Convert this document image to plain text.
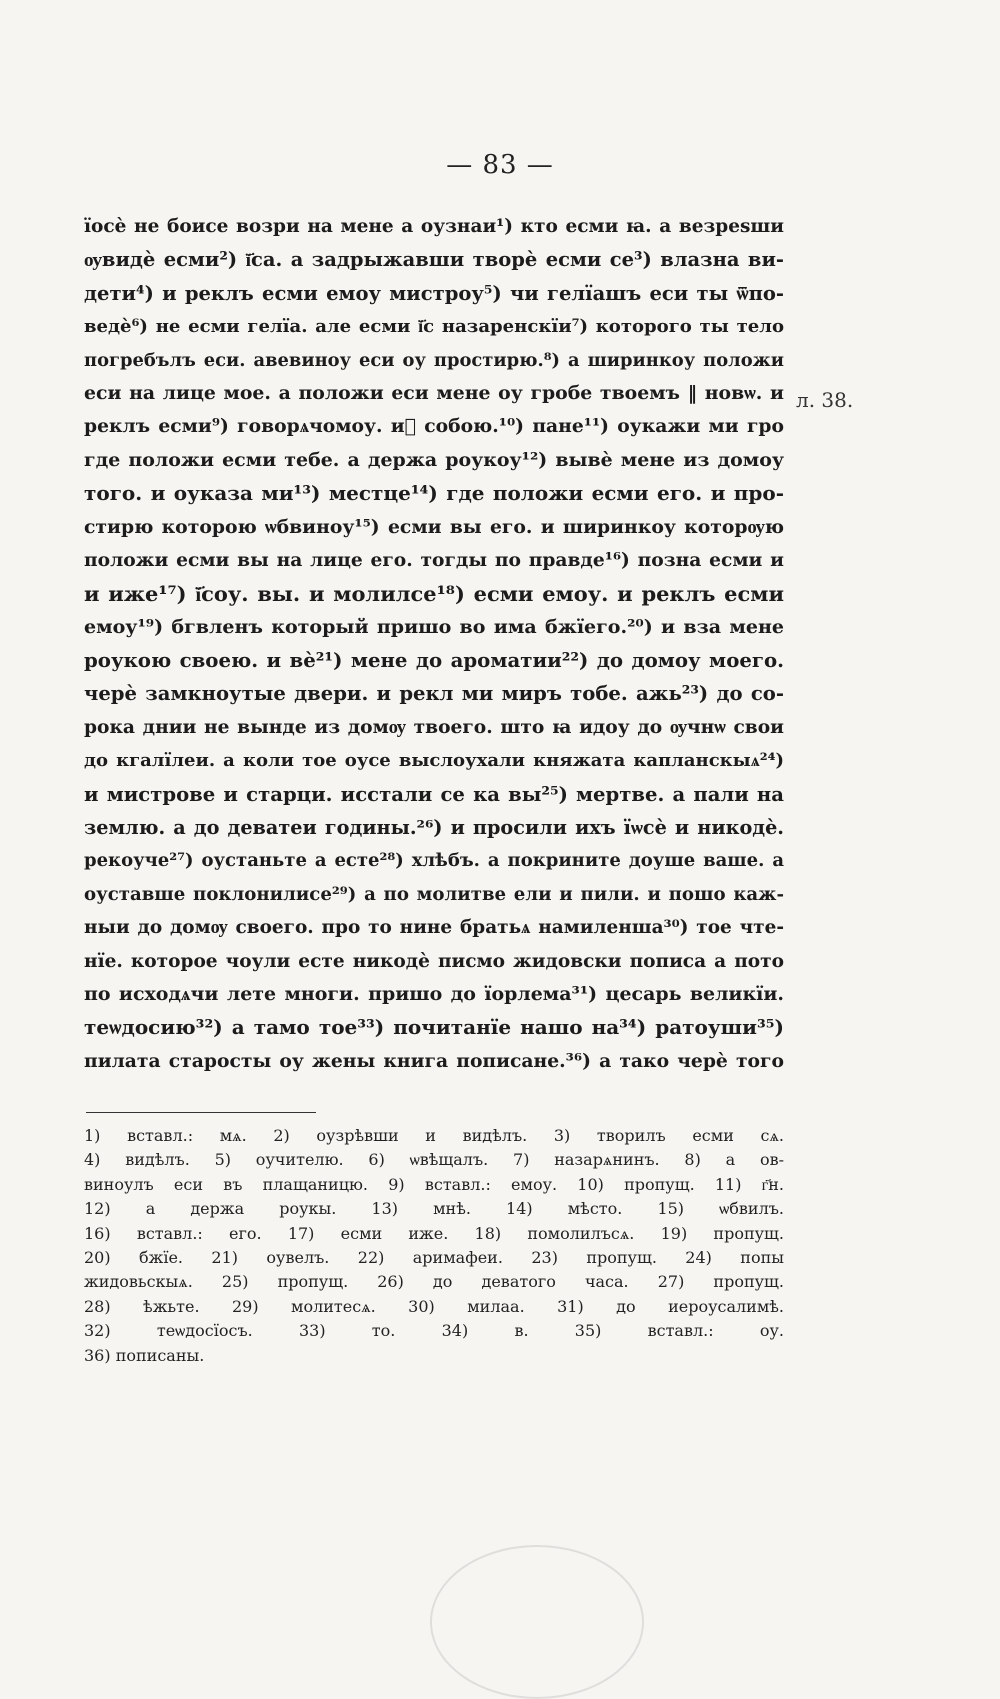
— 83 —
їосѐ не боисе возри на мене а оузнаи¹) кто есми ꙗ. а везреѕши
ѹвидѐ есми²) ї҃са. а задрыжавши творѐ есми се³) влазна ви-
дети⁴) и реклъ есми емоу мистроу⁵) чи гелїашъ еси ты ѿпо-
ведѐ⁶) не есми гелїа. але есми ї҃с назаренскїи⁷) которого ты тело
погребълъ еси. авевиноу еси оу простирю.⁸) а ширинкоу положи
еси на лице мое. а положи еси мене оу гробе твоемъ ‖ новѡ. и
реклъ есми⁹) говорѧчомоу. иⷭ собою.¹⁰) пане¹¹) оукажи ми гро
где положи есми тебе. а держа роукоу¹²) вывѐ мене из домоу
того. и оуказа ми¹³) местце¹⁴) где положи есми его. и про-
стирю которою ѡбвиноу¹⁵) есми вы его. и ширинкоу которѹю
положи есми вы на лице его. тогды по правде¹⁶) позна есми и
и иже¹⁷) ї҃соу. вы. и молилсе¹⁸) есми емоу. и реклъ есми
емоу¹⁹) бгвленъ который пришо во има бжїего.²⁰) и вза мене
роукою своею. и вѐ²¹) мене до ароматии²²) до домоу моего.
черѐ замкноутые двери. и рекл ми миръ тобе. ажь²³) до со-
рока днии не вынде из домѹ твоего. што ꙗ идоу до ѹчнѡ свои
до кгалїлеи. а коли тое оусе выслоухали княжата капланскыѧ²⁴)
и мистрове и старци. исстали се ка вы²⁵) мертве. а пали на
землю. а до деватеи годины.²⁶) и просили ихъ їѡсѐ и никодѐ.
рекоуче²⁷) оустаньте а есте²⁸) хлѣбъ. а покрините доуше ваше. а
оуставше поклонилисе²⁹) а по молитве ели и пили. и пошо каж-
ныи до домѹ своего. про то нине братьѧ намиленша³⁰) тое чте-
нїе. которое чоули есте никодѐ писмо жидовски пописа а пото
по исходѧчи лете многи. пришо до їорлема³¹) цесарь великїи.
теѡдосию³²) а тамо тое³³) почитанїе нашо на³⁴) ратоуши³⁵)
пилата старосты оу жены книга пописане.³⁶) а тако черѐ того
л. 38.
1) вставл.: мѧ. 2) оузрѣвши и видѣлъ. 3) творилъ есми сѧ.
4) видѣлъ. 5) оучителю. 6) ѡвѣщалъ. 7) назарѧнинъ. 8) а ов-
виноулъ еси въ плащаницю. 9) вставл.: емоу. 10) пропущ. 11) г҃н.
12) а держа роукы. 13) мнѣ. 14) мѣсто. 15) ѡбвилъ.
16) вставл.: его. 17) есми иже. 18) помолилъсѧ. 19) пропущ.
20) бжїе. 21) оувелъ. 22) аримафеи. 23) пропущ. 24) попы
жидовьскыѧ. 25) пропущ. 26) до деватого часа. 27) пропущ.
28) ѣжьте. 29) молитесѧ. 30) милаа. 31) до иероусалимѣ.
32) теѡдосїосъ. 33) то. 34) в. 35) вставл.: оу.
36) пописаны.
